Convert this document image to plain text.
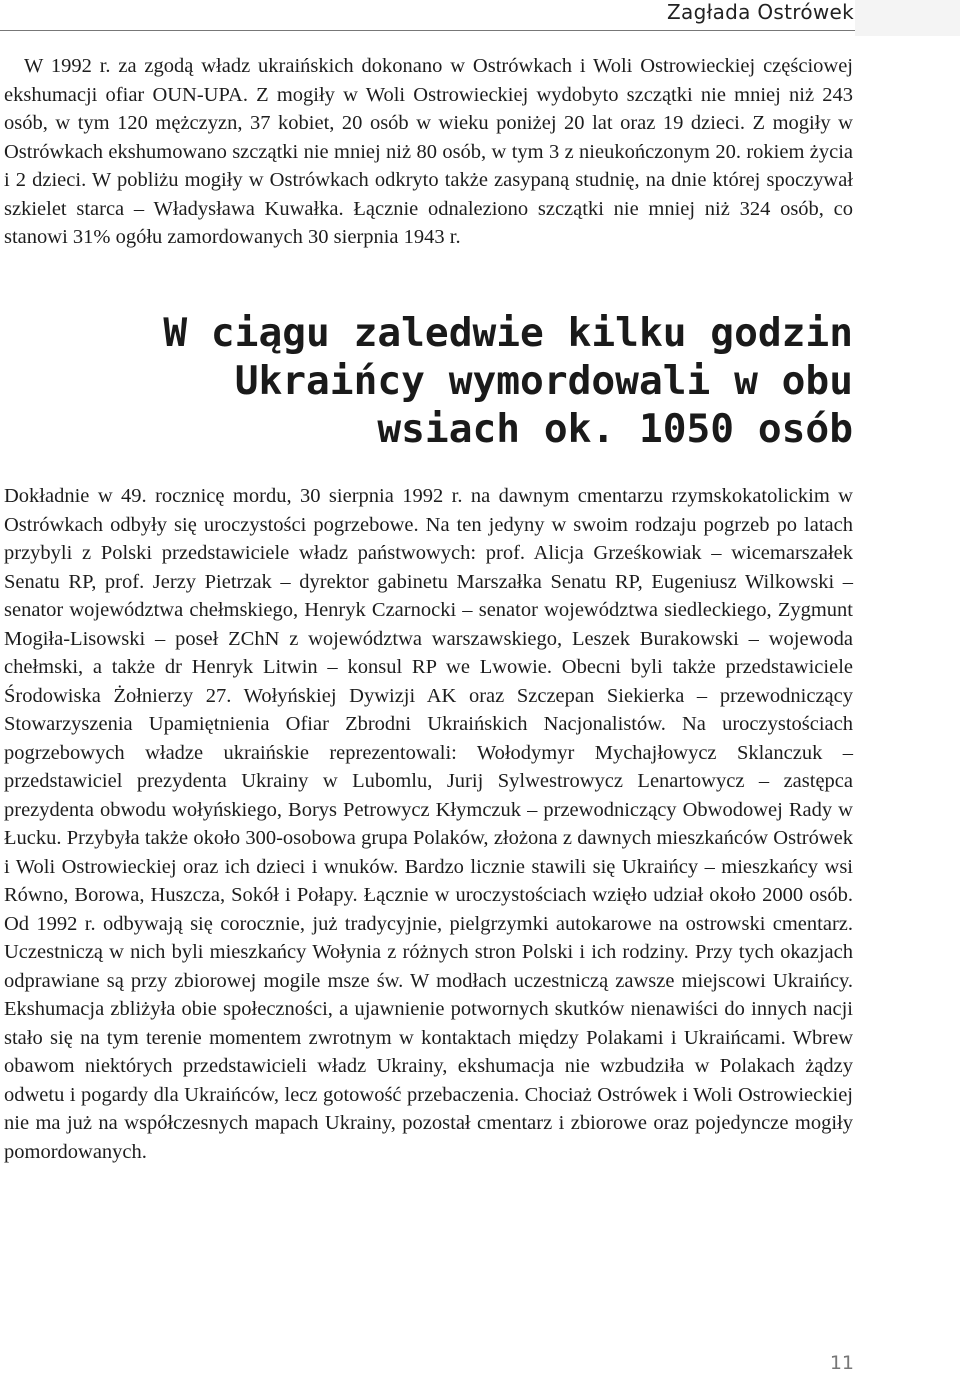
Zagłada Ostrówek

W 1992 r. za zgodą władz ukraińskich dokonano w Ostrówkach i Woli Ostrowieckiej częściowej ekshumacji ofiar OUN-UPA. Z mogiły w Woli Ostrowieckiej wydobyto szczątki nie mniej niż 243 osób, w tym 120 mężczyzn, 37 kobiet, 20 osób w wieku poniżej 20 lat oraz 19 dzieci. Z mogiły w Ostrówkach ekshumowano szczątki nie mniej niż 80 osób, w tym 3 z nieukończonym 20. rokiem życia i 2 dzieci. W pobliżu mogiły w Ostrówkach odkryto także zasypaną studnię, na dnie której spoczywał szkielet starca – Władysława Kuwałka. Łącznie odnaleziono szczątki nie mniej niż 324 osób, co stanowi 31% ogółu zamordowanych 30 sierpnia 1943 r.

W ciągu zaledwie kilku godzin Ukraińcy wymordowali w obu wsiach ok. 1050 osób

Dokładnie w 49. rocznicę mordu, 30 sierpnia 1992 r. na dawnym cmentarzu rzymskokatolickim w Ostrówkach odbyły się uroczystości pogrzebowe. Na ten jedyny w swoim rodzaju pogrzeb po latach przybyli z Polski przedstawiciele władz państwowych: prof. Alicja Grześkowiak – wicemarszałek Senatu RP, prof. Jerzy Pietrzak – dyrektor gabinetu Marszałka Senatu RP, Eugeniusz Wilkowski – senator województwa chełmskiego, Henryk Czarnocki – senator województwa siedleckiego, Zygmunt Mogiła-Lisowski – poseł ZChN z województwa warszawskiego, Leszek Burakowski – wojewoda chełmski, a także dr Henryk Litwin – konsul RP we Lwowie. Obecni byli także przedstawiciele Środowiska Żołnierzy 27. Wołyńskiej Dywizji AK oraz Szczepan Siekierka – przewodniczący Stowarzyszenia Upamiętnienia Ofiar Zbrodni Ukraińskich Nacjonalistów. Na uroczystościach pogrzebowych władze ukraińskie reprezentowali: Wołodymyr Mychajłowycz Sklanczuk – przedstawiciel prezydenta Ukrainy w Lubomlu, Jurij Sylwestrowycz Lenartowycz – zastępca prezydenta obwodu wołyńskiego, Borys Petrowycz Kłymczuk – przewodniczący Obwodowej Rady w Łucku. Przybyła także około 300-osobowa grupa Polaków, złożona z dawnych mieszkańców Ostrówek i Woli Ostrowieckiej oraz ich dzieci i wnuków. Bardzo licznie stawili się Ukraińcy – mieszkańcy wsi Równo, Borowa, Huszcza, Sokół i Połapy. Łącznie w uroczystościach wzięło udział około 2000 osób. Od 1992 r. odbywają się corocznie, już tradycyjnie, pielgrzymki autokarowe na ostrowski cmentarz. Uczestniczą w nich byli mieszkańcy Wołynia z różnych stron Polski i ich rodziny. Przy tych okazjach odprawiane są przy zbiorowej mogile msze św. W modłach uczestniczą zawsze miejscowi Ukraińcy. Ekshumacja zbliżyła obie społeczności, a ujawnienie potwornych skutków nienawiści do innych nacji stało się na tym terenie momentem zwrotnym w kontaktach między Polakami i Ukraińcami. Wbrew obawom niektórych przedstawicieli władz Ukrainy, ekshumacja nie wzbudziła w Polakach żądzy odwetu i pogardy dla Ukraińców, lecz gotowość przebaczenia. Chociaż Ostrówek i Woli Ostrowieckiej nie ma już na współczesnych mapach Ukrainy, pozostał cmentarz i zbiorowe oraz pojedyncze mogiły pomordowanych.

11
